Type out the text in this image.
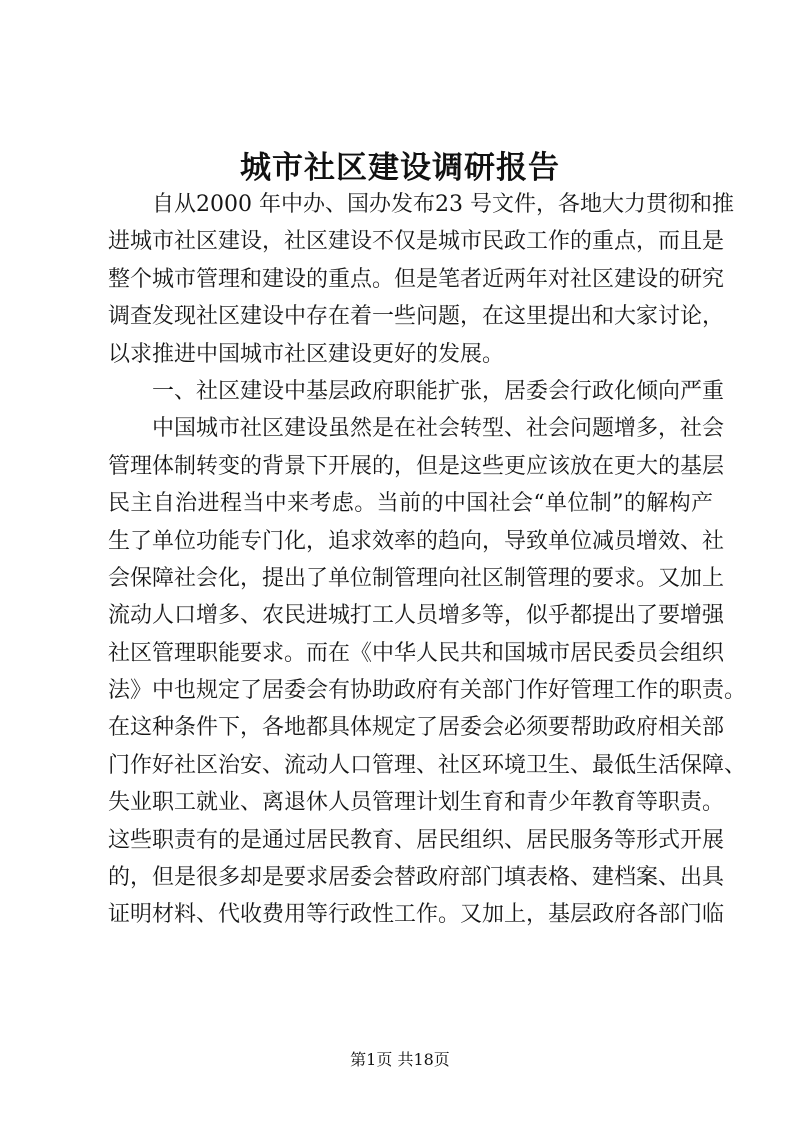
城市社区建设调研报告
自从2000 年中办、国办发布23 号文件，各地大力贯彻和推
进城市社区建设，社区建设不仅是城市民政工作的重点，而且是
整个城市管理和建设的重点。但是笔者近两年对社区建设的研究
调查发现社区建设中存在着一些问题，在这里提出和大家讨论，
以求推进中国城市社区建设更好的发展。
一、社区建设中基层政府职能扩张，居委会行政化倾向严重
中国城市社区建设虽然是在社会转型、社会问题增多，社会
管理体制转变的背景下开展的，但是这些更应该放在更大的基层
民主自治进程当中来考虑。当前的中国社会“单位制”的解构产
生了单位功能专门化，追求效率的趋向，导致单位减员增效、社
会保障社会化，提出了单位制管理向社区制管理的要求。又加上
流动人口增多、农民进城打工人员增多等，似乎都提出了要增强
社区管理职能要求。而在《中华人民共和国城市居民委员会组织
法》中也规定了居委会有协助政府有关部门作好管理工作的职责。
在这种条件下，各地都具体规定了居委会必须要帮助政府相关部
门作好社区治安、流动人口管理、社区环境卫生、最低生活保障、
失业职工就业、离退休人员管理计划生育和青少年教育等职责。
这些职责有的是通过居民教育、居民组织、居民服务等形式开展
的，但是很多却是要求居委会替政府部门填表格、建档案、出具
证明材料、代收费用等行政性工作。又加上，基层政府各部门临
第1页 共18页
